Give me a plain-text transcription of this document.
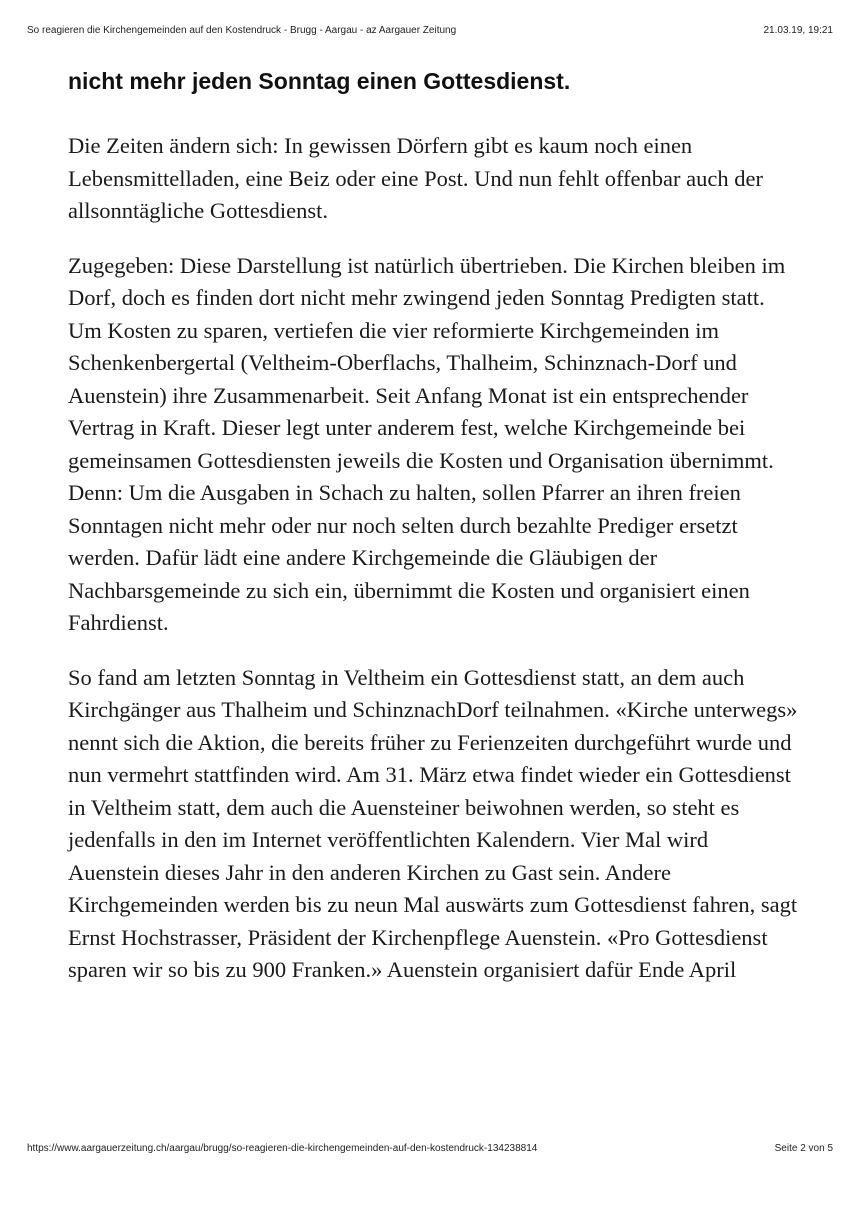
So reagieren die Kirchengemeinden auf den Kostendruck - Brugg - Aargau - az Aargauer Zeitung	21.03.19, 19:21
nicht mehr jeden Sonntag einen Gottesdienst.

Die Zeiten ändern sich: In gewissen Dörfern gibt es kaum noch einen Lebensmittelladen, eine Beiz oder eine Post. Und nun fehlt offenbar auch der allsonntägliche Gottesdienst.

Zugegeben: Diese Darstellung ist natürlich übertrieben. Die Kirchen bleiben im Dorf, doch es finden dort nicht mehr zwingend jeden Sonntag Predigten statt. Um Kosten zu sparen, vertiefen die vier reformierte Kirchgemeinden im Schenkenbergertal (Veltheim-Oberflachs, Thalheim, Schinznach-Dorf und Auenstein) ihre Zusammenarbeit. Seit Anfang Monat ist ein entsprechender Vertrag in Kraft. Dieser legt unter anderem fest, welche Kirchgemeinde bei gemeinsamen Gottesdiensten jeweils die Kosten und Organisation übernimmt. Denn: Um die Ausgaben in Schach zu halten, sollen Pfarrer an ihren freien Sonntagen nicht mehr oder nur noch selten durch bezahlte Prediger ersetzt werden. Dafür lädt eine andere Kirchgemeinde die Gläubigen der Nachbarsgemeinde zu sich ein, übernimmt die Kosten und organisiert einen Fahrdienst.

So fand am letzten Sonntag in Veltheim ein Gottesdienst statt, an dem auch Kirchgänger aus Thalheim und SchinznachDorf teilnahmen. «Kirche unterwegs» nennt sich die Aktion, die bereits früher zu Ferienzeiten durchgeführt wurde und nun vermehrt stattfinden wird. Am 31. März etwa findet wieder ein Gottesdienst in Veltheim statt, dem auch die Auensteiner beiwohnen werden, so steht es jedenfalls in den im Internet veröffentlichten Kalendern. Vier Mal wird Auenstein dieses Jahr in den anderen Kirchen zu Gast sein. Andere Kirchgemeinden werden bis zu neun Mal auswärts zum Gottesdienst fahren, sagt Ernst Hochstrasser, Präsident der Kirchenpflege Auenstein. «Pro Gottesdienst sparen wir so bis zu 900 Franken.» Auenstein organisiert dafür Ende April

https://www.aargauerzeitung.ch/aargau/brugg/so-reagieren-die-kirchengemeinden-auf-den-kostendruck-134238814	Seite 2 von 5
